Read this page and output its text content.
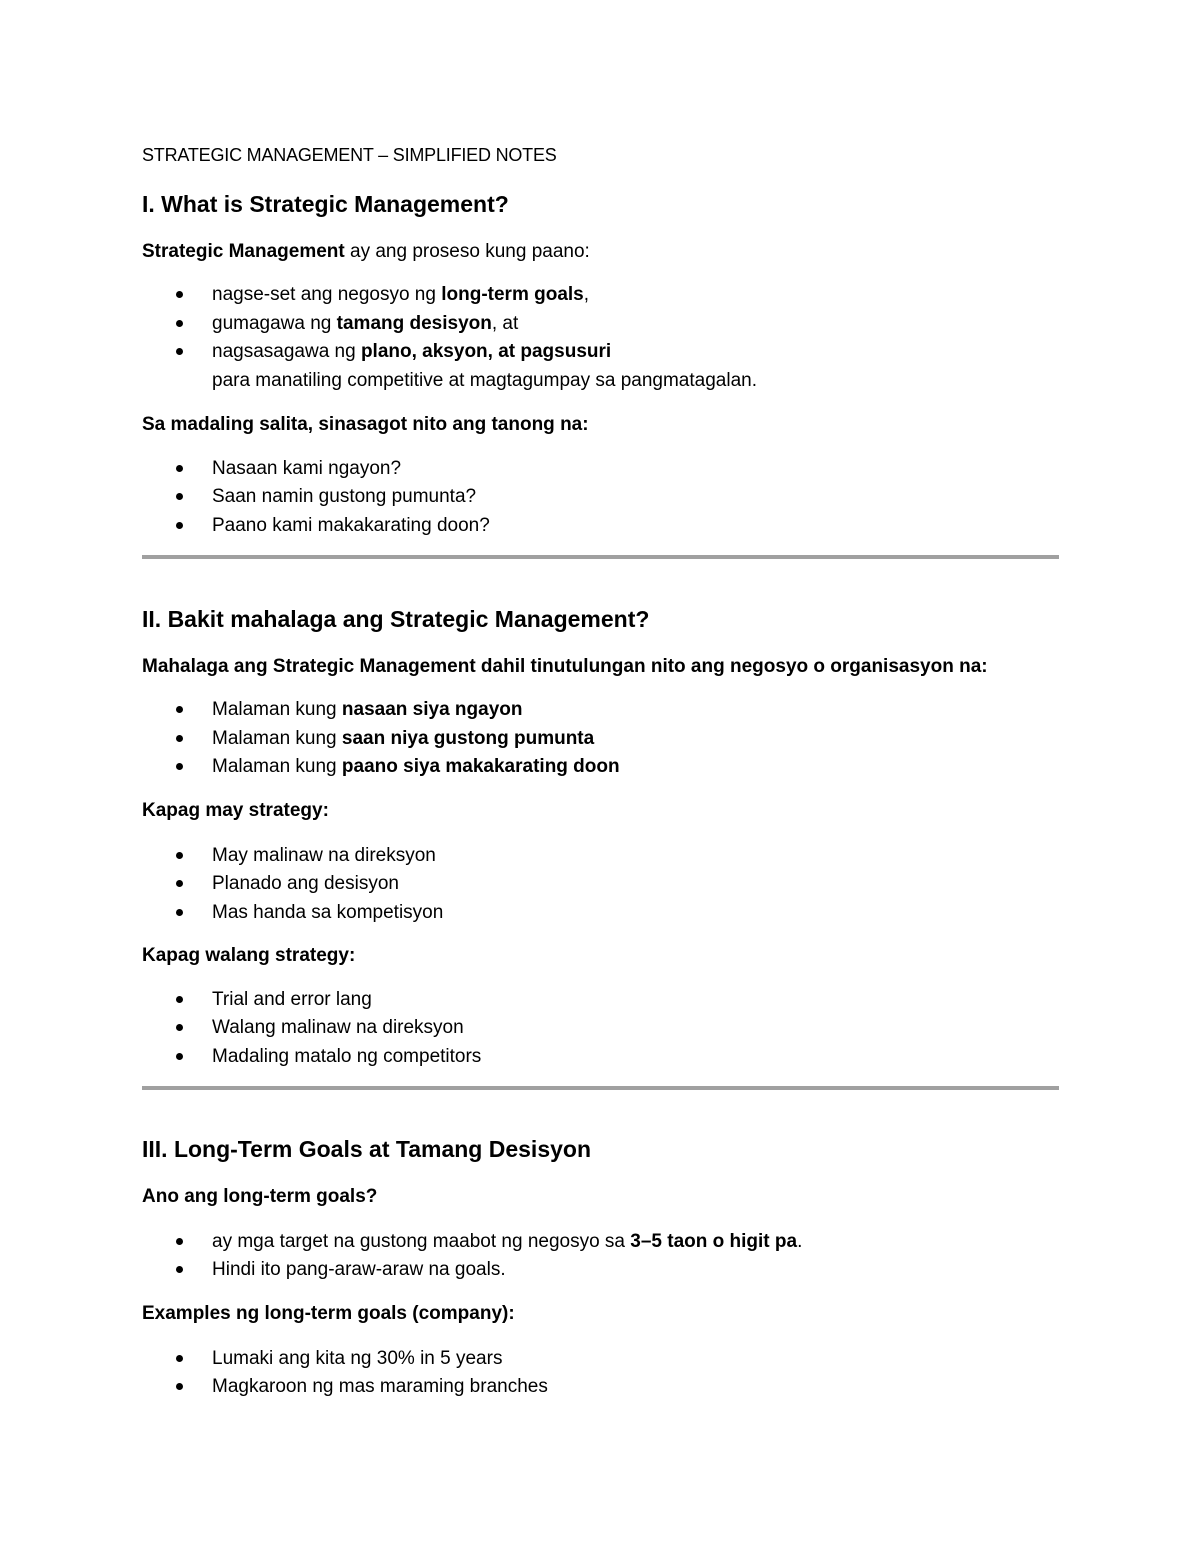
STRATEGIC MANAGEMENT – SIMPLIFIED NOTES
I. What is Strategic Management?
Strategic Management ay ang proseso kung paano:
nagse-set ang negosyo ng long-term goals,
gumagawa ng tamang desisyon, at
nagsasagawa ng plano, aksyon, at pagsusuri
para manatiling competitive at magtagumpay sa pangmatagalan.
Sa madaling salita, sinasagot nito ang tanong na:
Nasaan kami ngayon?
Saan namin gustong pumunta?
Paano kami makakarating doon?
II. Bakit mahalaga ang Strategic Management?
Mahalaga ang Strategic Management dahil tinutulungan nito ang negosyo o organisasyon na:
Malaman kung nasaan siya ngayon
Malaman kung saan niya gustong pumunta
Malaman kung paano siya makakarating doon
Kapag may strategy:
May malinaw na direksyon
Planado ang desisyon
Mas handa sa kompetisyon
Kapag walang strategy:
Trial and error lang
Walang malinaw na direksyon
Madaling matalo ng competitors
III. Long-Term Goals at Tamang Desisyon
Ano ang long-term goals?
ay mga target na gustong maabot ng negosyo sa 3–5 taon o higit pa.
Hindi ito pang-araw-araw na goals.
Examples ng long-term goals (company):
Lumaki ang kita ng 30% in 5 years
Magkaroon ng mas maraming branches
